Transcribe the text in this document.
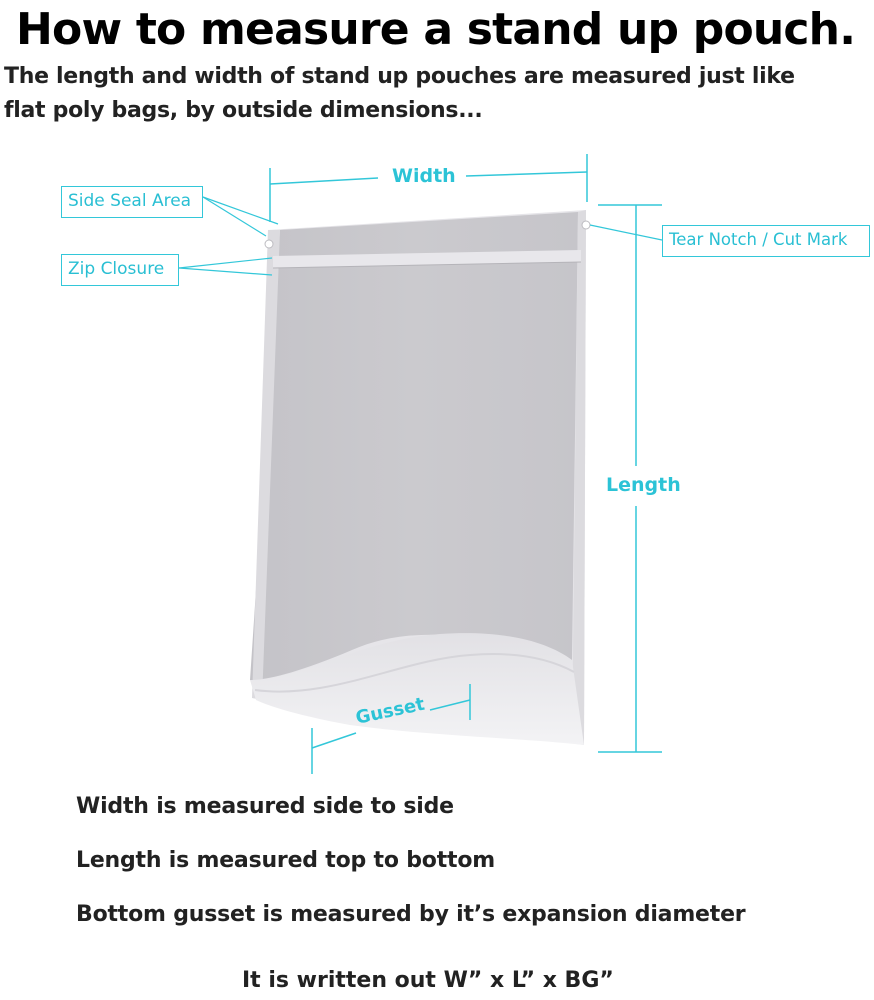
How to measure a stand up pouch.

The length and width of stand up pouches are measured just like

flat poly bags, by outside dimensions...

Side Seal Area
Zip Closure
Tear Notch / Cut Mark

Width

Length

Gusset

Width is measured side to side

Length is measured top to bottom

Bottom gusset is measured by it’s expansion diameter

It is written out W” x L” x BG”
